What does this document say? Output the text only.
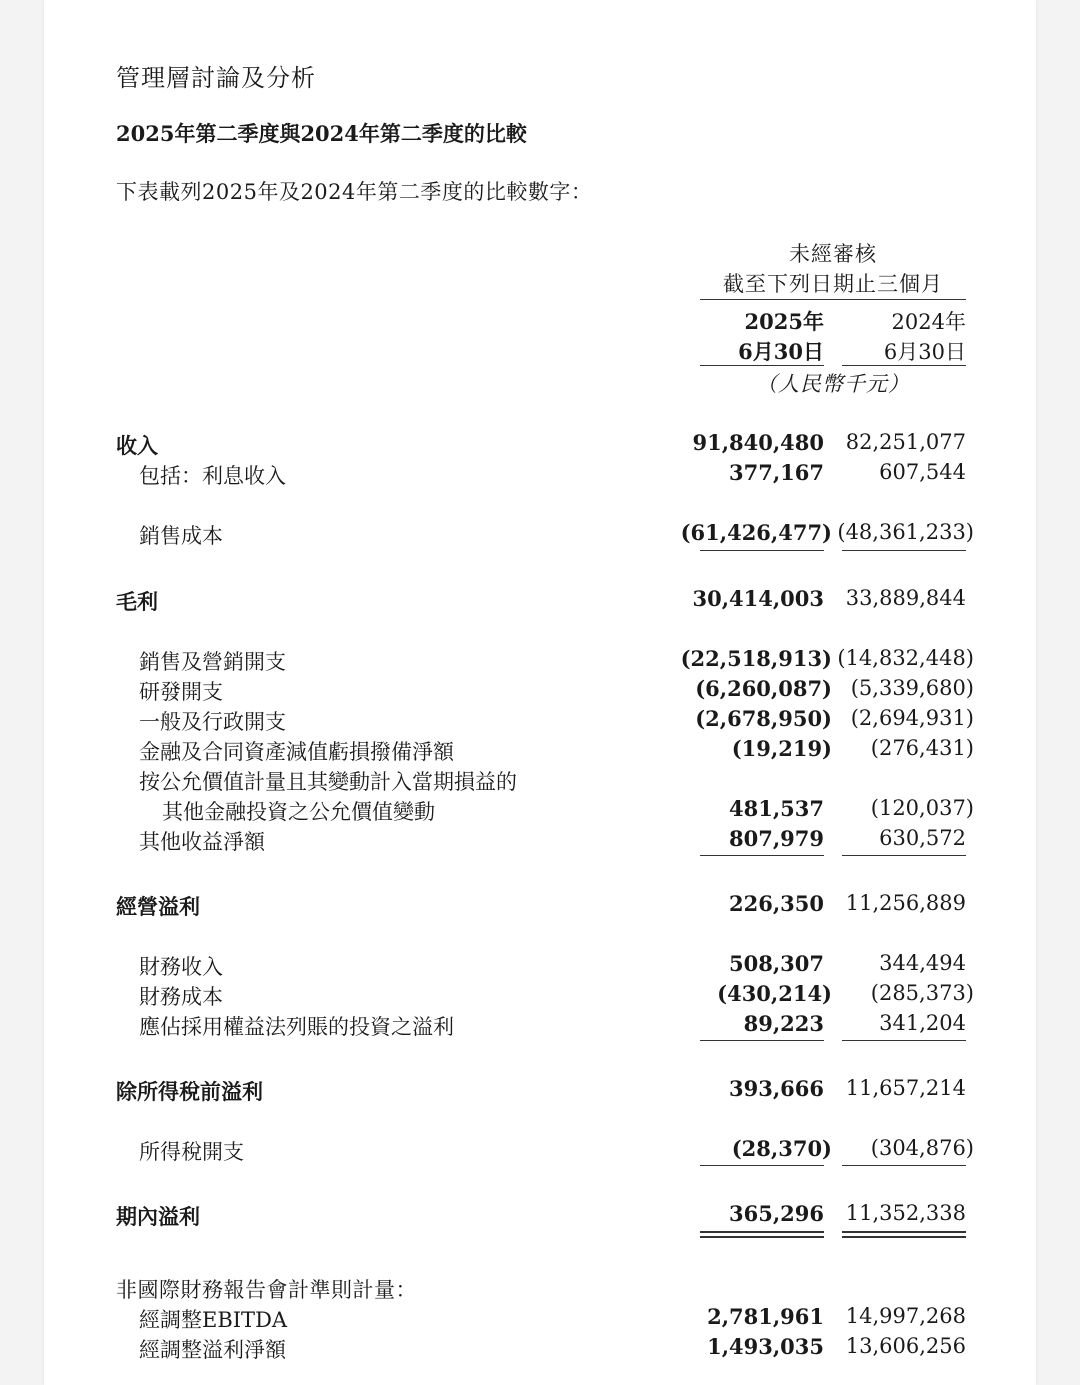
管理層討論及分析
2025年第二季度與2024年第二季度的比較
下表載列2025年及2024年第二季度的比較數字：
未經審核
截至下列日期止三個月
2025年
6月30日
2024年
6月30日
（人民幣千元）
收入	91,840,480	82,251,077
包括：利息收入	377,167	607,544
銷售成本	(61,426,477) (48,361,233)
毛利	30,414,003	33,889,844
銷售及營銷開支	(22,518,913) (14,832,448)
研發開支	(6,260,087) (5,339,680)
一般及行政開支	(2,678,950) (2,694,931)
金融及合同資產減值虧損撥備淨額	(19,219)	(276,431)
按公允價值計量且其變動計入當期損益的
其他金融投資之公允價值變動	481,537	(120,037)
其他收益淨額	807,979	630,572
經營溢利	226,350	11,256,889
財務收入	508,307	344,494
財務成本	(430,214)	(285,373)
應佔採用權益法列賬的投資之溢利	89,223	341,204
除所得稅前溢利	393,666	11,657,214
所得稅開支	(28,370)	(304,876)
期內溢利	365,296	11,352,338
非國際財務報告會計準則計量：
經調整EBITDA	2,781,961	14,997,268
經調整溢利淨額	1,493,035	13,606,256
